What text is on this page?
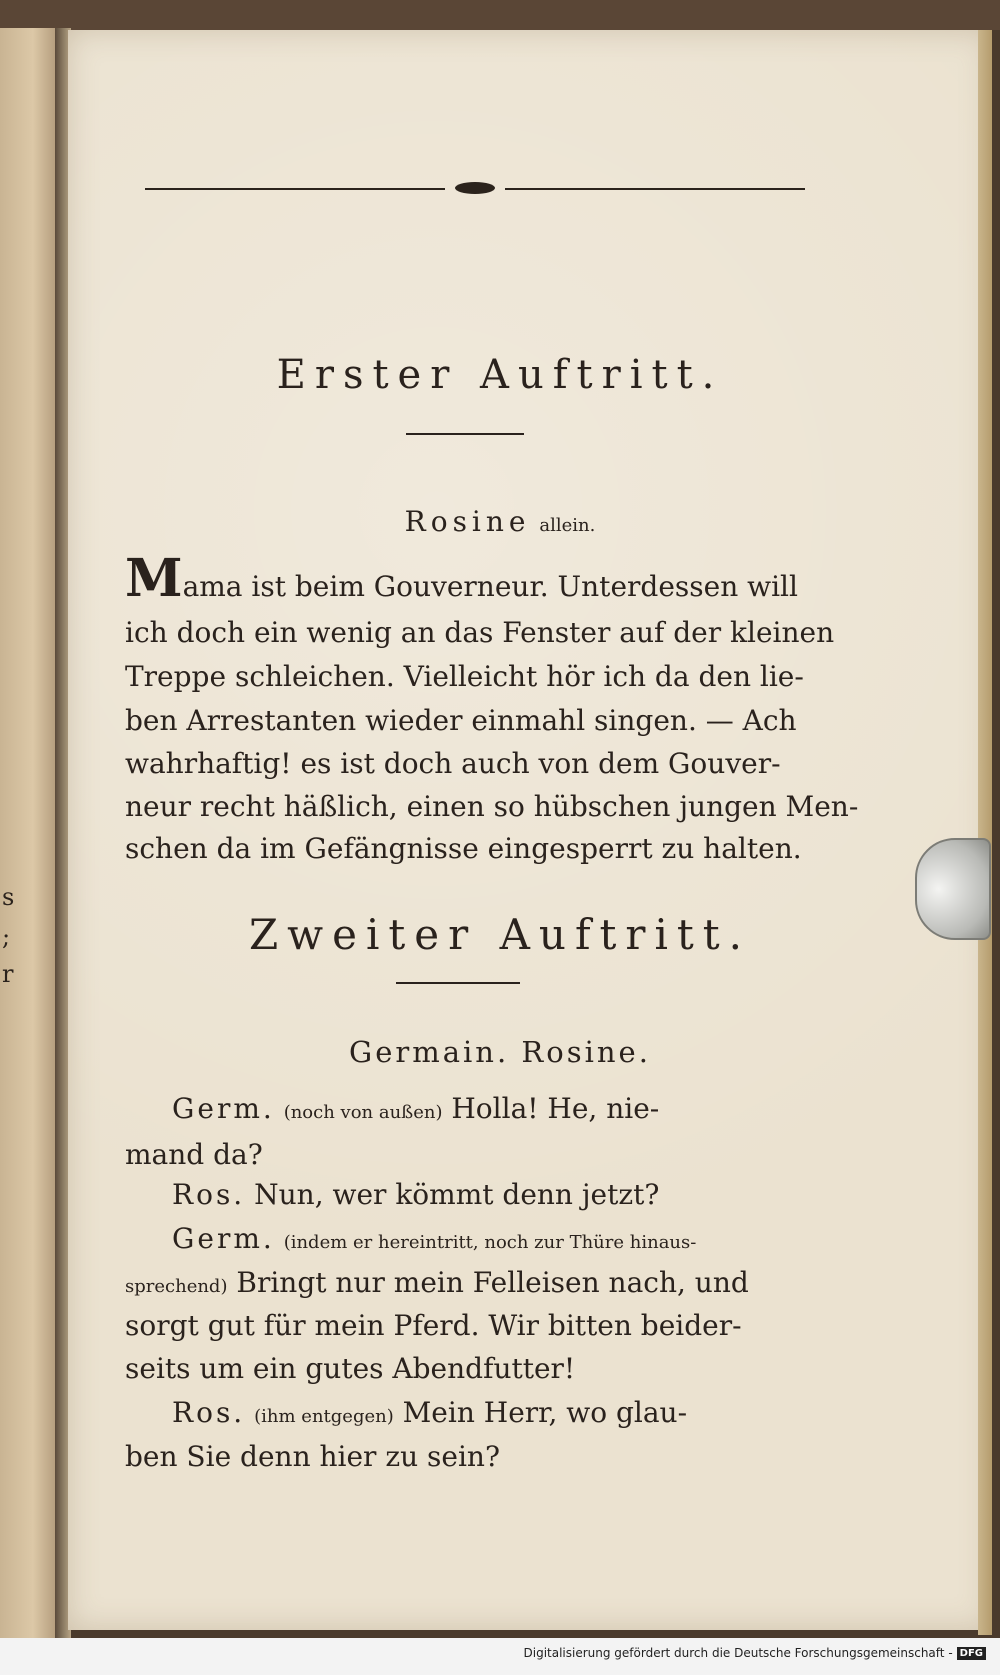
s
;
r
Erster Auftritt.
Rosine allein.
Mama ist beim Gouverneur. Unterdessen will
ich doch ein wenig an das Fenster auf der kleinen
Treppe schleichen. Vielleicht hör ich da den lie-
ben Arrestanten wieder einmahl singen. — Ach
wahrhaftig! es ist doch auch von dem Gouver-
neur recht häßlich, einen so hübschen jungen Men-
schen da im Gefängnisse eingesperrt zu halten.
Zweiter Auftritt.
Germain. Rosine.
Germ. (noch von außen) Holla! He, nie-
mand da?
Ros. Nun, wer kömmt denn jetzt?
Germ. (indem er hereintritt, noch zur Thüre hinaus-
sprechend) Bringt nur mein Felleisen nach, und
sorgt gut für mein Pferd. Wir bitten beider-
seits um ein gutes Abendfutter!
Ros. (ihm entgegen) Mein Herr, wo glau-
ben Sie denn hier zu sein?
Digitalisierung gefördert durch die Deutsche Forschungsgemeinschaft - DFG
